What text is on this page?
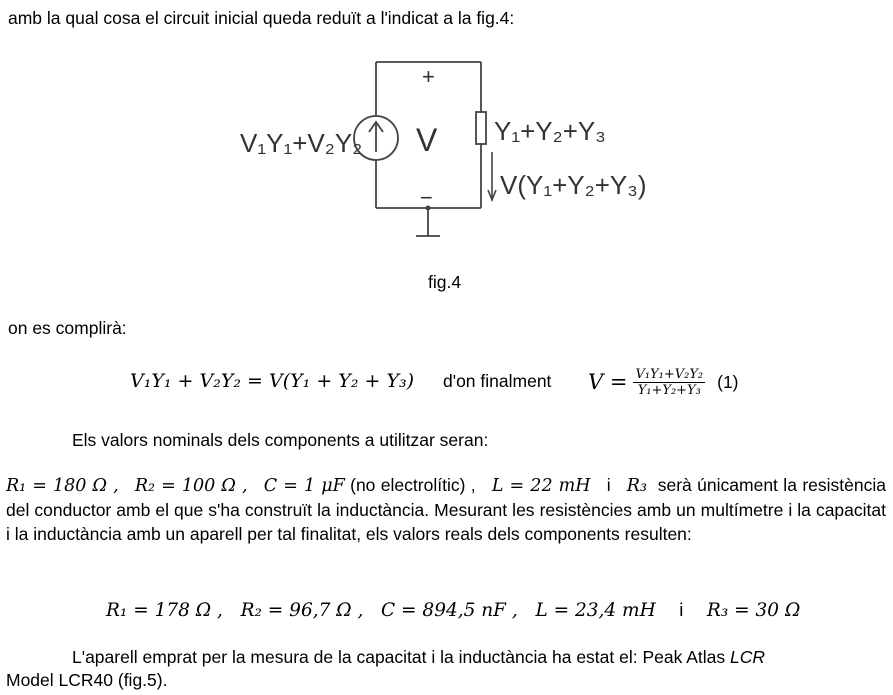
amb la qual cosa el circuit inicial queda reduït a l'indicat a la fig.4:
+
−
V
V₁Y₁+V₂Y₂	Y₁+Y₂+Y₃
V(Y₁+Y₂+Y₃)
fig.4
on es complirà:
V₁Y₁ + V₂Y₂ = V(Y₁ + Y₂ + Y₃) d'on finalment $V = \frac{\text{V₁Y₁+V₂Y₂}}{\text{Y₁+Y₂+Y₃}} (1)$
Els valors nominals dels components a utilitzar seran:
R₁ = 180 Ω , R₂ = 100 Ω , C = 1 μF (no electrolític) , L = 22 mH i R₃ serà únicament la resistència del conductor amb el que s'ha construït la inductància. Mesurant les resistències amb un multímetre i la capacitat i la inductància amb un aparell per tal finalitat, els valors reals dels components resulten:
R₁ = 178 Ω , R₂ = 96,7 Ω , C = 894,5 nF , L = 23,4 mH i R₃ = 30 Ω
L'aparell emprat per la mesura de la capacitat i la inductància ha estat el: Peak Atlas LCR
Model LCR40 (fig.5).
